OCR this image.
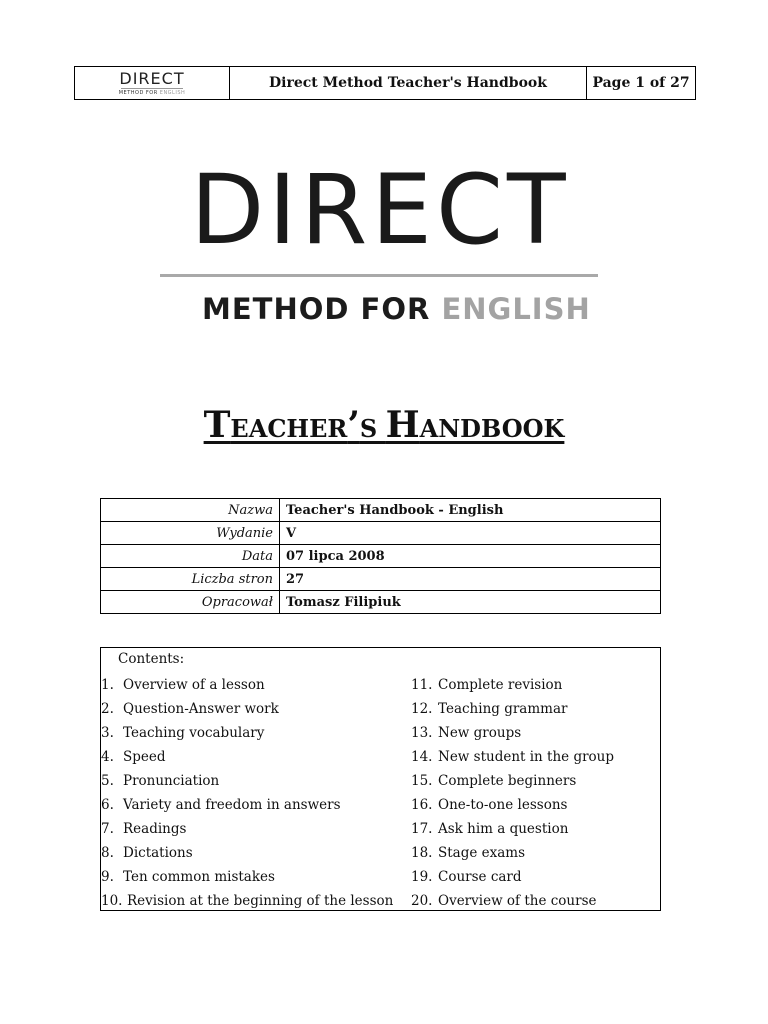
DIRECT
METHOD FOR ENGLISH
Direct Method Teacher's Handbook	Page 1 of 27
DIRECT
METHOD FOR ENGLISH
TEACHER’S HANDBOOK
Nazwa	Teacher's Handbook - English
Wydanie	V
Data	07 lipca 2008
Liczba stron	27
Opracował	Tomasz Filipiuk
Contents:
1. Overview of a lesson
2. Question-Answer work
3. Teaching vocabulary
4. Speed
5. Pronunciation
6. Variety and freedom in answers
7. Readings
8. Dictations
9. Ten common mistakes
10. Revision at the beginning of the lesson
11. Complete revision
12. Teaching grammar
13. New groups
14. New student in the group
15. Complete beginners
16. One-to-one lessons
17. Ask him a question
18. Stage exams
19. Course card
20. Overview of the course
